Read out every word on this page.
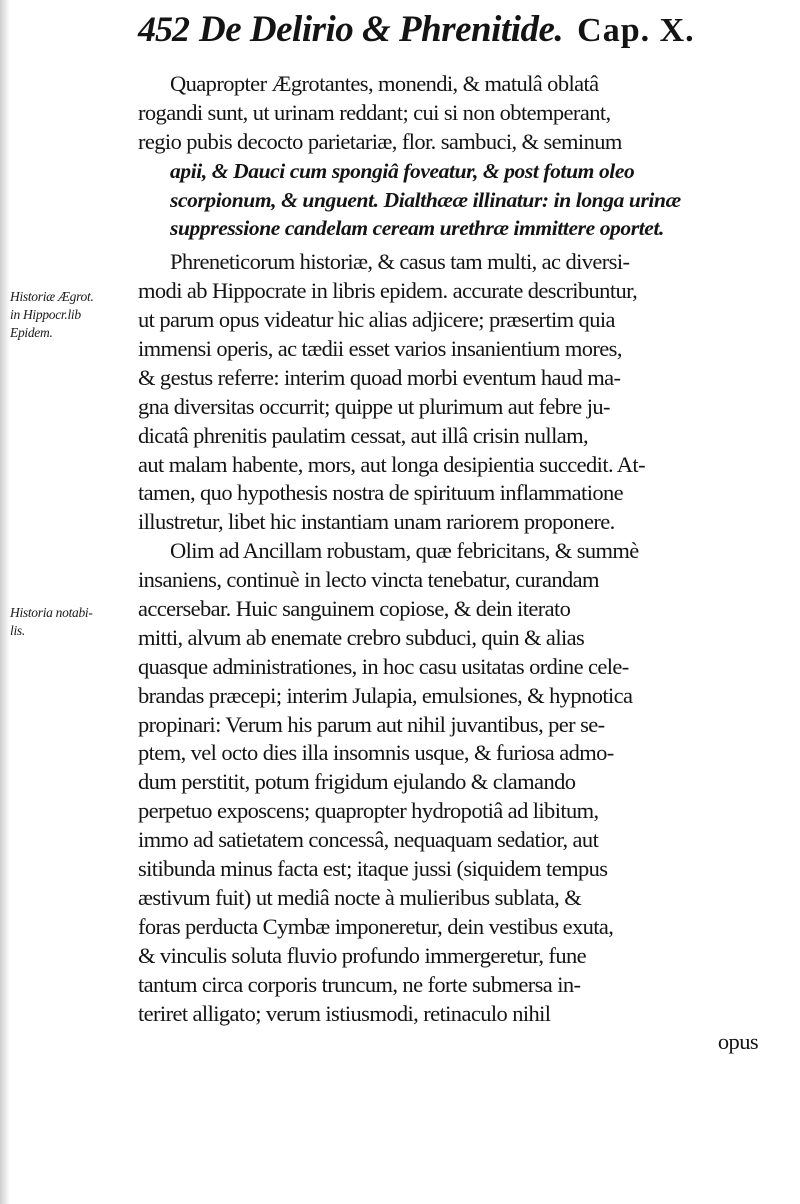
452 De Delirio & Phrenitide. Cap. X.
Historiæ Ægrot.
in Hippocr.lib
Epidem.
Historia notabi-
lis.
Quapropter Ægrotantes, monendi, & matulâ oblatâ
rogandi sunt, ut urinam reddant; cui si non obtemperant,
regio pubis decocto parietariæ, flor. sambuci, & seminum
apii, & Dauci cum spongiâ foveatur, & post fotum oleo
scorpionum, & unguent. Dialthææ illinatur: in longa urinæ
suppressione candelam ceream urethræ immittere oportet.
Phreneticorum historiæ, & casus tam multi, ac diversi-
modi ab Hippocrate in libris epidem. accurate describuntur,
ut parum opus videatur hic alias adjicere; præsertim quia
immensi operis, ac tædii esset varios insanientium mores,
& gestus referre: interim quoad morbi eventum haud ma-
gna diversitas occurrit; quippe ut plurimum aut febre ju-
dicatâ phrenitis paulatim cessat, aut illâ crisin nullam,
aut malam habente, mors, aut longa desipientia succedit. At-
tamen, quo hypothesis nostra de spirituum inflammatione
illustretur, libet hic instantiam unam rariorem proponere.
Olim ad Ancillam robustam, quæ febricitans, & summè
insaniens, continuè in lecto vincta tenebatur, curandam
accersebar. Huic sanguinem copiose, & dein iterato
mitti, alvum ab enemate crebro subduci, quin & alias
quasque administrationes, in hoc casu usitatas ordine cele-
brandas præcepi; interim Julapia, emulsiones, & hypnotica
propinari: Verum his parum aut nihil juvantibus, per se-
ptem, vel octo dies illa insomnis usque, & furiosa admo-
dum perstitit, potum frigidum ejulando & clamando
perpetuo exposcens; quapropter hydropotiâ ad libitum,
immo ad satietatem concessâ, nequaquam sedatior, aut
sitibunda minus facta est; itaque jussi (siquidem tempus
æstivum fuit) ut mediâ nocte à mulieribus sublata, &
foras perducta Cymbæ imponeretur, dein vestibus exuta,
& vinculis soluta fluvio profundo immergeretur, fune
tantum circa corporis truncum, ne forte submersa in-
teriret alligato; verum istiusmodi, retinaculo nihil
opus
